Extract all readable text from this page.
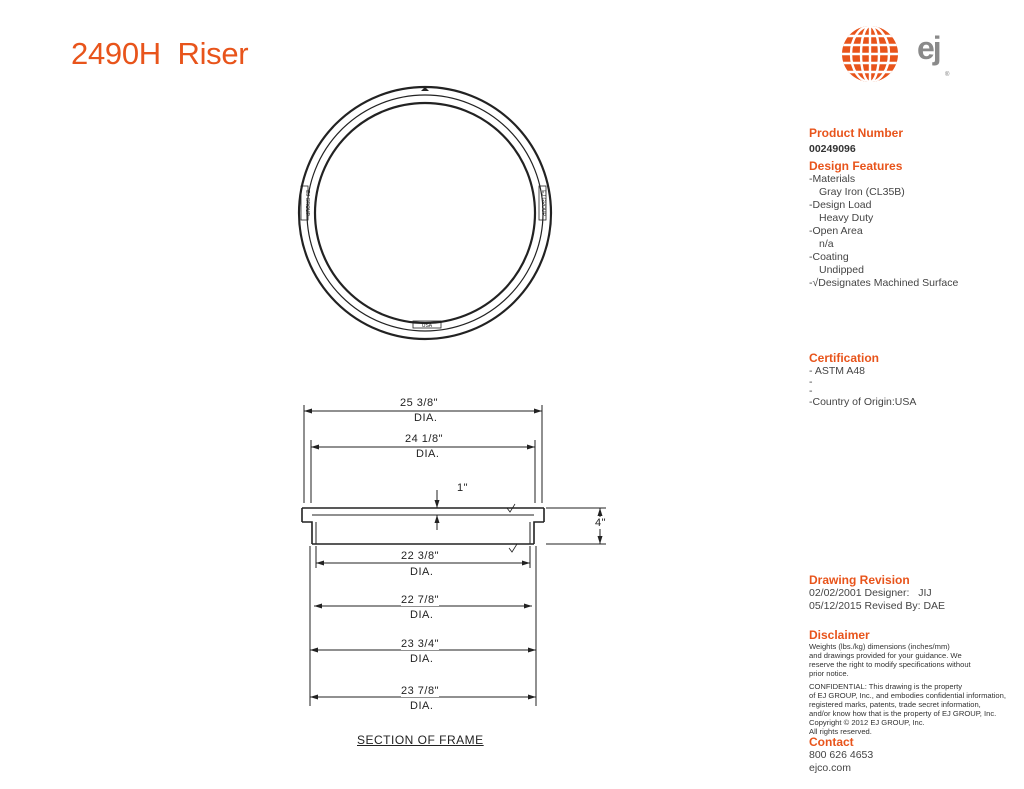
2490H  Riser	ej
®
USA
EJ GROUP	EJ GROUP
25 3/8"
DIA.
24 1/8"
DIA.
1"
4"
22 3/8"
DIA.
22 7/8"
DIA.
23 3/4"
DIA.
23 7/8"
DIA.
SECTION OF FRAME
Product Number
00249096
Design Features
-Materials
Gray Iron (CL35B)
-Design Load
Heavy Duty
-Open Area
n/a
-Coating
Undipped
-√Designates Machined Surface
Certification
- ASTM A48
-
-
-Country of Origin:USA
Drawing Revision
02/02/2001 Designer: JIJ
05/12/2015 Revised By: DAE
Disclaimer
Weights (lbs./kg) dimensions (inches/mm)
and drawings provided for your guidance. We
reserve the right to modify specifications without
prior notice.
CONFIDENTIAL: This drawing is the property
of EJ GROUP, Inc., and embodies confidential information,
registered marks, patents, trade secret information,
and/or know how that is the property of EJ GROUP, Inc.
Copyright © 2012 EJ GROUP, Inc.
All rights reserved.
Contact
800 626 4653
ejco.com
